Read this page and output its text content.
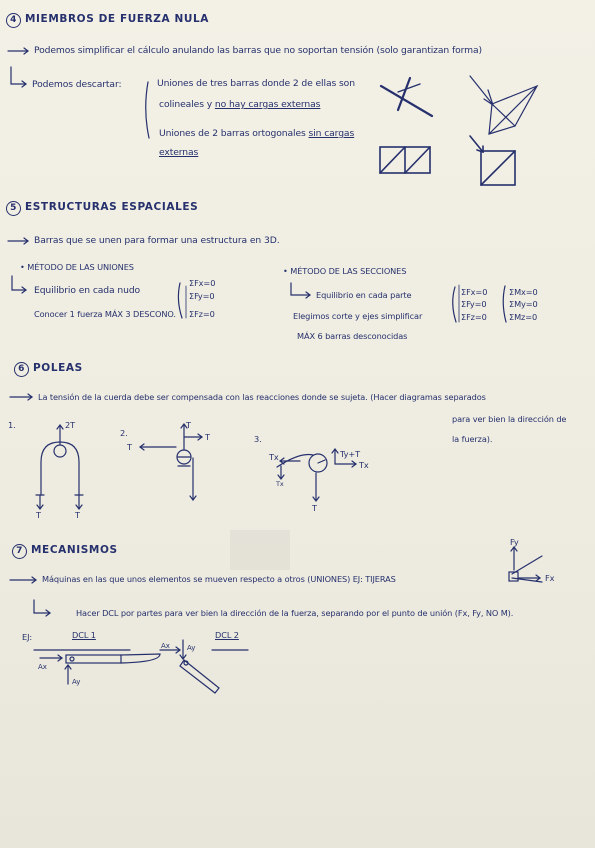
4 MIEMBROS DE FUERZA NULA
Podemos simplificar el cálculo anulando las barras que no soportan tensión (solo garantizan forma)
Podemos descartar:	Uniones de tres barras donde 2 de ellas son
colineales y no hay cargas externas
Uniones de 2 barras ortogonales sin cargas
externas
5 ESTRUCTURAS ESPACIALES
Barras que se unen para formar una estructura en 3D.
• MÉTODO DE LAS UNIONES
Equilibrio en cada nudo
Conocer 1 fuerza MÁX 3 DESCONO.
ΣFx=0
ΣFy=0
ΣFz=0
• MÉTODO DE LAS SECCIONES
Equilibrio en cada parte
Elegimos corte y ejes simplificar
MÁX 6 barras desconocidas
ΣFx=0
ΣFy=0
ΣFz=0
ΣMx=0
ΣMy=0
ΣMz=0
6 POLEAS
La tensión de la cuerda debe ser compensada con las reacciones donde se sujeta. (Hacer diagramas separados
para ver bien la dirección de
la fuerza).
1.	2T
T	T
2.
T
T
T
3.
Tx
Tx
Ty+T
Tx
T
7 MECANISMOS
Máquinas en las que unos elementos se mueven respecto a otros (UNIONES) EJ: TIJERAS
Hacer DCL por partes para ver bien la dirección de la fuerza, separando por el punto de unión (Fx, Fy, NO M).
Fy
Fx
EJ:	DCL 1	DCL 2
Ax
Ay
Ax Ay
